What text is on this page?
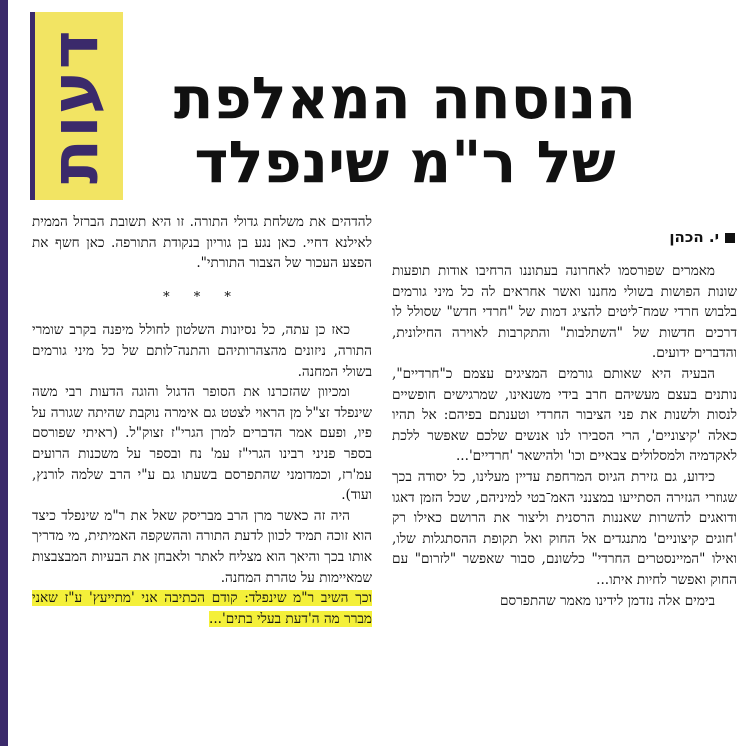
דעות	הנוסחה המאלפת
של ר"מ שינפלד
י. הכהן

מאמרים שפורסמו לאחרונה בעתוננו הרחיבו אודות תופעות שונות הפושות בשולי מחננו ואשר אחראים לה כל מיני גורמים בלבוש חרדי שמח־ליטים להציג דמות של "חרדי חדש" שסולל לו דרכים חדשות של "השתלבות" והתקרבות לאוירה החילונית, והדברים ידועים.

הבעיה היא שאותם גורמים המציגים עצמם כ"חרדיים", נותנים בעצם מעשיהם חרב בידי משנאינו, שמרגישים חופשיים לנסות ולשנות את פני הציבור החרדי וטענתם בפיהם: אל תהיו כאלה 'קיצוניים', הרי הסבירו לנו אנשים שלכם שאפשר ללכת לאקדמיה ולמסלולים צבאיים וכו' ולהישאר 'חרדיים'...

כידוע, גם גזירת הגיוס המרחפת עדיין מעלינו, כל יסודה בכך שגוזרי הגזירה הסתייעו במצנני האמ־בטי למיניהם, שכל הזמן דאגו ודואגים להשרות שאננות הרסנית וליצור את הרושם כאילו רק 'חוגים קיצוניים' מתנגדים אל החוק ואל תקופת ההסתגלות שלו, ואילו "המיינסטרים החרדי" כלשונם, סבור שאפשר "לזרום" עם החוק ואפשר לחיות איתו...

בימים אלה נזדמן לידינו מאמר שהתפרסם

להדהים את משלחת גדולי התורה. זו היא תשובת הברזל הממית לאילנא דחיי. כאן נגע בן גוריון בנקודת התורפה. כאן חשף את הפצע העכור של הצבור התורתי".

* * *

כאז כן עתה, כל נסיונות השלטון לחולל מיפנה בקרב שומרי התורה, ניזונים מהצהרותיהם והתנה־לותם של כל מיני גורמים בשולי המחנה.

ומכיוון שהזכרנו את הסופר הדגול והוגה הדעות רבי משה שינפלד זצ"ל מן הראוי לצטט גם אימרה נוקבת שהיתה שגורה על פיו, ופעם אמר הדברים למרן הגרי"ז זצוק"ל. (ראיתי שפורסם בספר פניני רבינו הגרי"ז עמ' נח ובספר על משכנות הרועים עמ'רז, וכמדומני שהתפרסם בשעתו גם ע"י הרב שלמה לורנץ, ועוד).

היה זה כאשר מרן הרב מבריסק שאל את ר"מ שינפלד כיצד הוא זוכה תמיד לכוון לדעת התורה וההשקפה האמיתית, מי מדריך אותו בכך והיאך הוא מצליח לאתר ולאבחן את הבעיות המבצבצות שמאיימות על טהרת המחנה.

וכך השיב ר"מ שינפלד: קודם הכתיבה אני 'מתייעץ' ע"ז שאני מברר מה ה'דעת בעלי בתים'...
